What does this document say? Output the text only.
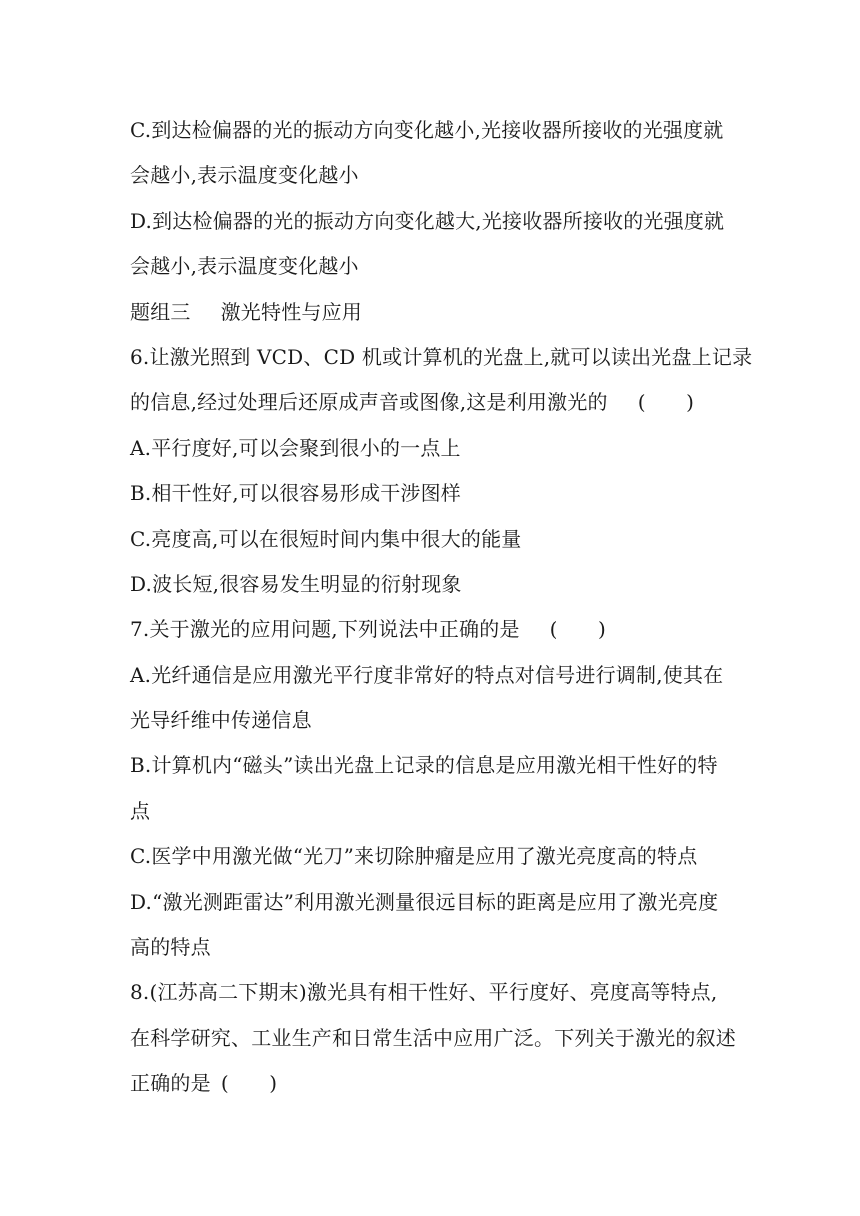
C.到达检偏器的光的振动方向变化越小,光接收器所接收的光强度就
会越小,表示温度变化越小
D.到达检偏器的光的振动方向变化越大,光接收器所接收的光强度就
会越小,表示温度变化越小
题组三 激光特性与应用
6.让激光照到 VCD、CD 机或计算机的光盘上,就可以读出光盘上记录
的信息,经过处理后还原成声音或图像,这是利用激光的 (　　)
A.平行度好,可以会聚到很小的一点上
B.相干性好,可以很容易形成干涉图样
C.亮度高,可以在很短时间内集中很大的能量
D.波长短,很容易发生明显的衍射现象
7.关于激光的应用问题,下列说法中正确的是 (　　)
A.光纤通信是应用激光平行度非常好的特点对信号进行调制,使其在
光导纤维中传递信息
B.计算机内“磁头”读出光盘上记录的信息是应用激光相干性好的特
点
C.医学中用激光做“光刀”来切除肿瘤是应用了激光亮度高的特点
D.“激光测距雷达”利用激光测量很远目标的距离是应用了激光亮度
高的特点
8.(江苏高二下期末)激光具有相干性好、平行度好、亮度高等特点,
在科学研究、工业生产和日常生活中应用广泛。下列关于激光的叙述
正确的是 (　　)
